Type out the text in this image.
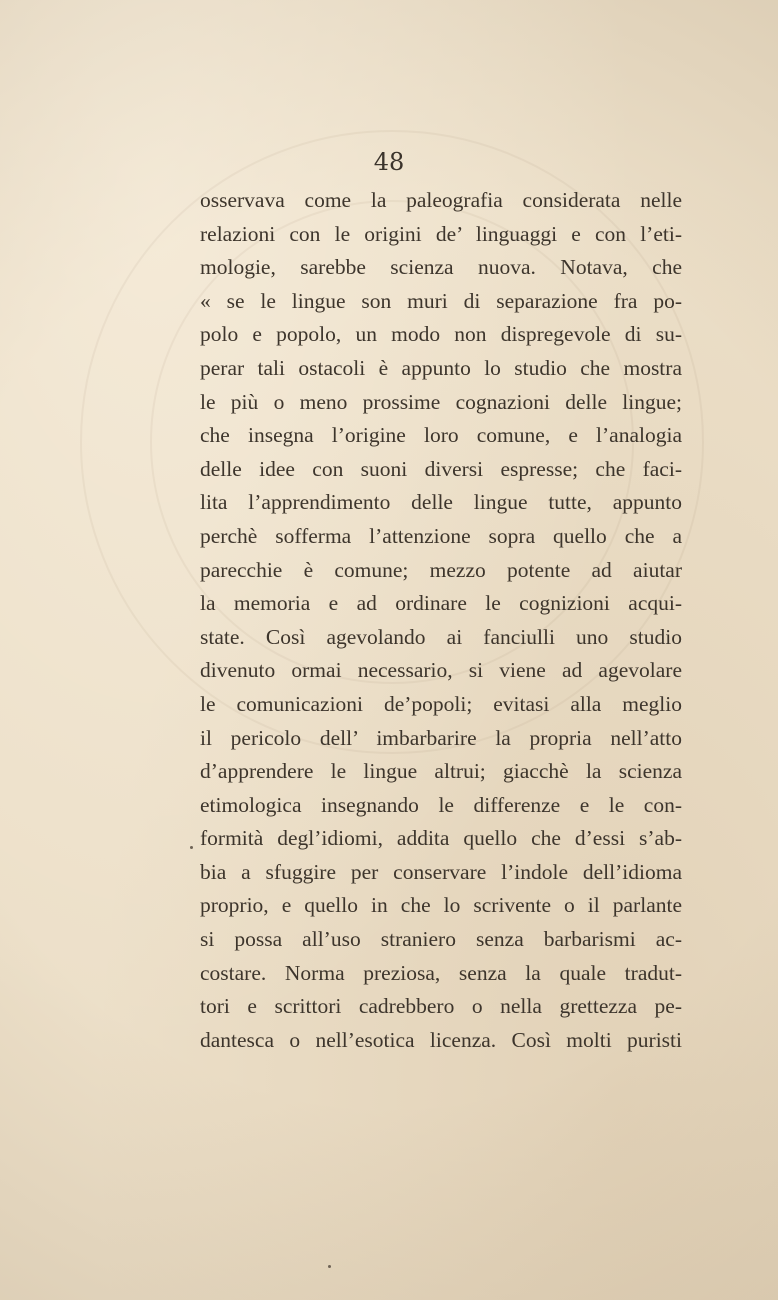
48
osservava come la paleografia considerata nelle
relazioni con le origini de’ linguaggi e con l’eti-
mologie, sarebbe scienza nuova. Notava, che
« se le lingue son muri di separazione fra po-
polo e popolo, un modo non dispregevole di su-
perar tali ostacoli è appunto lo studio che mostra
le più o meno prossime cognazioni delle lingue;
che insegna l’origine loro comune, e l’analogia
delle idee con suoni diversi espresse; che faci-
lita l’apprendimento delle lingue tutte, appunto
perchè sofferma l’attenzione sopra quello che a
parecchie è comune; mezzo potente ad aiutar
la memoria e ad ordinare le cognizioni acqui-
state. Così agevolando ai fanciulli uno studio
divenuto ormai necessario, si viene ad agevolare
le comunicazioni de’popoli; evitasi alla meglio
il pericolo dell’ imbarbarire la propria nell’atto
d’apprendere le lingue altrui; giacchè la scienza
etimologica insegnando le differenze e le con-
formità degl’idiomi, addita quello che d’essi s’ab-
bia a sfuggire per conservare l’indole dell’idioma
proprio, e quello in che lo scrivente o il parlante
si possa all’uso straniero senza barbarismi ac-
costare. Norma preziosa, senza la quale tradut-
tori e scrittori cadrebbero o nella grettezza pe-
dantesca o nell’esotica licenza. Così molti puristi
